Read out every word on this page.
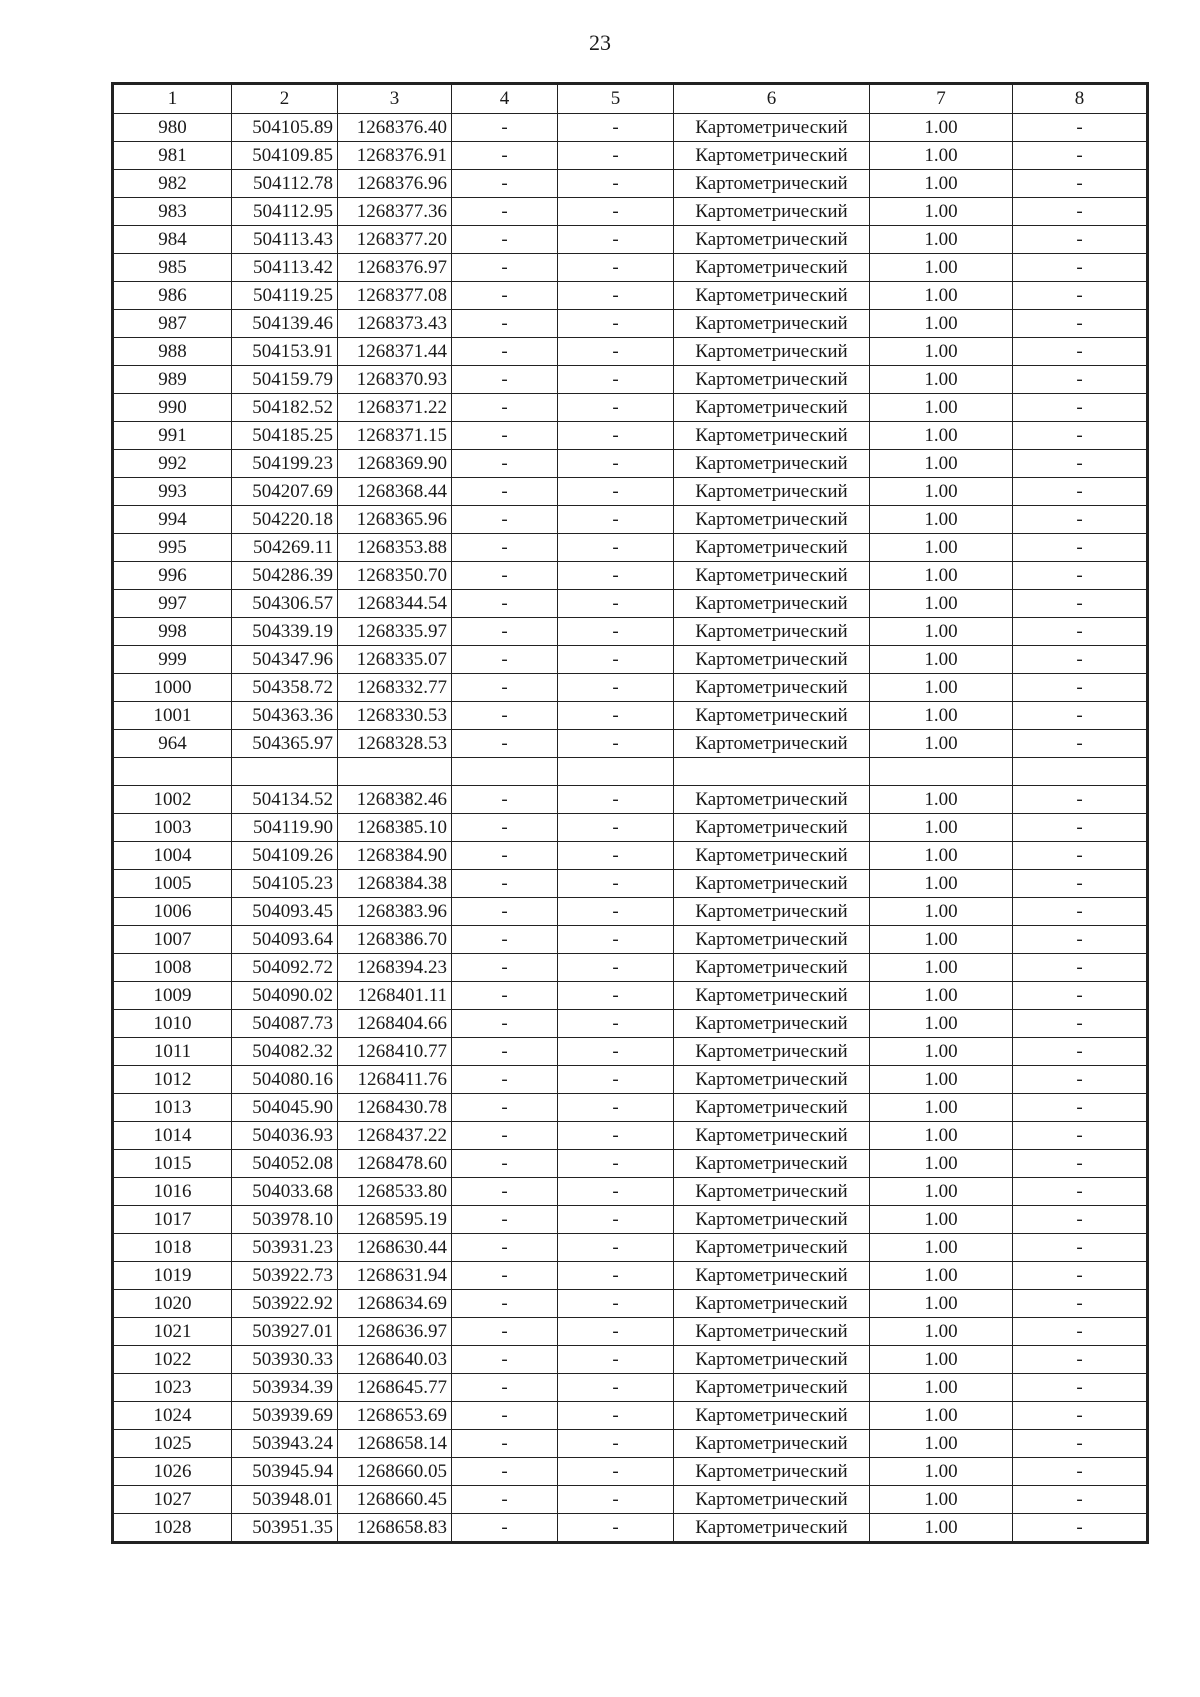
23
1	2	3	4	5	6	7	8
980	504105.89	1268376.40	-	-	Картометрический	1.00	-
981	504109.85	1268376.91	-	-	Картометрический	1.00	-
982	504112.78	1268376.96	-	-	Картометрический	1.00	-
983	504112.95	1268377.36	-	-	Картометрический	1.00	-
984	504113.43	1268377.20	-	-	Картометрический	1.00	-
985	504113.42	1268376.97	-	-	Картометрический	1.00	-
986	504119.25	1268377.08	-	-	Картометрический	1.00	-
987	504139.46	1268373.43	-	-	Картометрический	1.00	-
988	504153.91	1268371.44	-	-	Картометрический	1.00	-
989	504159.79	1268370.93	-	-	Картометрический	1.00	-
990	504182.52	1268371.22	-	-	Картометрический	1.00	-
991	504185.25	1268371.15	-	-	Картометрический	1.00	-
992	504199.23	1268369.90	-	-	Картометрический	1.00	-
993	504207.69	1268368.44	-	-	Картометрический	1.00	-
994	504220.18	1268365.96	-	-	Картометрический	1.00	-
995	504269.11	1268353.88	-	-	Картометрический	1.00	-
996	504286.39	1268350.70	-	-	Картометрический	1.00	-
997	504306.57	1268344.54	-	-	Картометрический	1.00	-
998	504339.19	1268335.97	-	-	Картометрический	1.00	-
999	504347.96	1268335.07	-	-	Картометрический	1.00	-
1000	504358.72	1268332.77	-	-	Картометрический	1.00	-
1001	504363.36	1268330.53	-	-	Картометрический	1.00	-
964	504365.97	1268328.53	-	-	Картометрический	1.00	-

1002	504134.52	1268382.46	-	-	Картометрический	1.00	-
1003	504119.90	1268385.10	-	-	Картометрический	1.00	-
1004	504109.26	1268384.90	-	-	Картометрический	1.00	-
1005	504105.23	1268384.38	-	-	Картометрический	1.00	-
1006	504093.45	1268383.96	-	-	Картометрический	1.00	-
1007	504093.64	1268386.70	-	-	Картометрический	1.00	-
1008	504092.72	1268394.23	-	-	Картометрический	1.00	-
1009	504090.02	1268401.11	-	-	Картометрический	1.00	-
1010	504087.73	1268404.66	-	-	Картометрический	1.00	-
1011	504082.32	1268410.77	-	-	Картометрический	1.00	-
1012	504080.16	1268411.76	-	-	Картометрический	1.00	-
1013	504045.90	1268430.78	-	-	Картометрический	1.00	-
1014	504036.93	1268437.22	-	-	Картометрический	1.00	-
1015	504052.08	1268478.60	-	-	Картометрический	1.00	-
1016	504033.68	1268533.80	-	-	Картометрический	1.00	-
1017	503978.10	1268595.19	-	-	Картометрический	1.00	-
1018	503931.23	1268630.44	-	-	Картометрический	1.00	-
1019	503922.73	1268631.94	-	-	Картометрический	1.00	-
1020	503922.92	1268634.69	-	-	Картометрический	1.00	-
1021	503927.01	1268636.97	-	-	Картометрический	1.00	-
1022	503930.33	1268640.03	-	-	Картометрический	1.00	-
1023	503934.39	1268645.77	-	-	Картометрический	1.00	-
1024	503939.69	1268653.69	-	-	Картометрический	1.00	-
1025	503943.24	1268658.14	-	-	Картометрический	1.00	-
1026	503945.94	1268660.05	-	-	Картометрический	1.00	-
1027	503948.01	1268660.45	-	-	Картометрический	1.00	-
1028	503951.35	1268658.83	-	-	Картометрический	1.00	-
